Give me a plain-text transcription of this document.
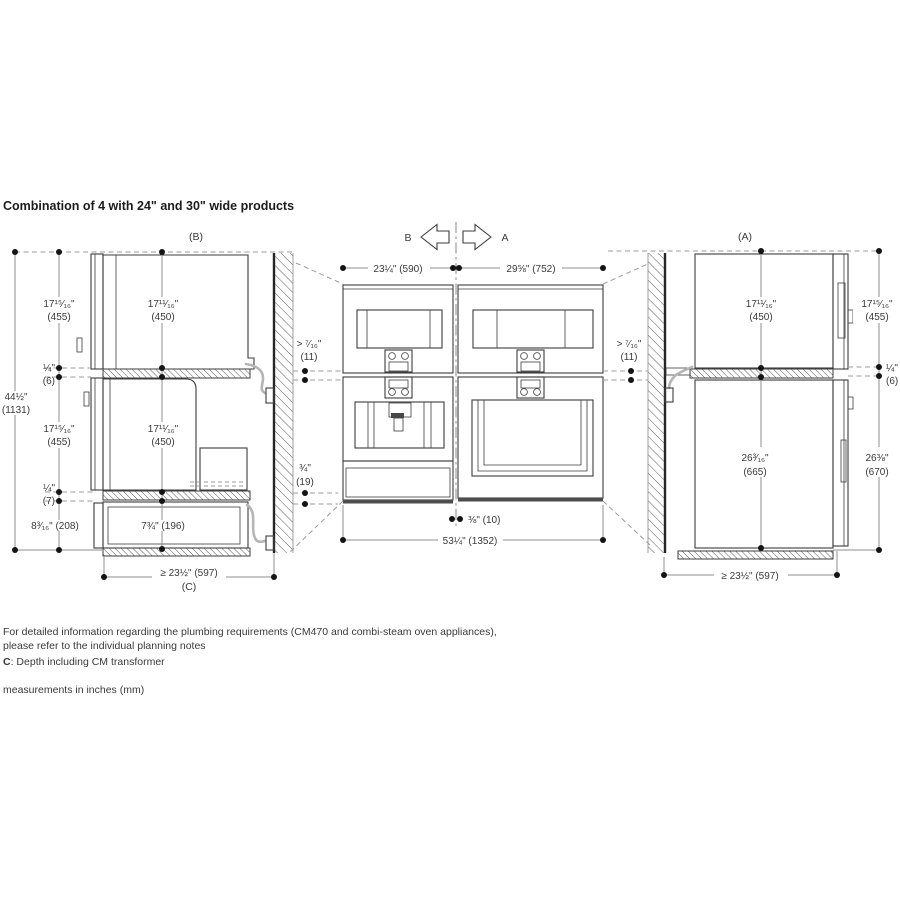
Combination of 4 with 24" and 30" wide products
(B)	(A)
B	A
44½"
(1131)
17¹⁵⁄₁₆"
(455)
17¹¹⁄₁₆"
(450)
¼"
(6)
17¹⁵⁄₁₆"
(455)
17¹¹⁄₁₆"
(450)
¼"
(7)
8³⁄₁₆" (208)	7¾" (196)
≥ 23½" (597)
(C)
> ⁷⁄₁₆"
(11)
¾"
(19)
23¼" (590)	29⅝" (752)
⅜" (10)
53¼" (1352)
17¹¹⁄₁₆"
(450)
17¹⁵⁄₁₆"
(455)
> ⁷⁄₁₆"
(11)
¼"
(6)
26³⁄₁₆"
(665)
26⅜"
(670)
≥ 23½" (597)
For detailed information regarding the plumbing requirements (CM470 and combi-steam oven appliances),
please refer to the individual planning notes
C: Depth including CM transformer
measurements in inches (mm)
